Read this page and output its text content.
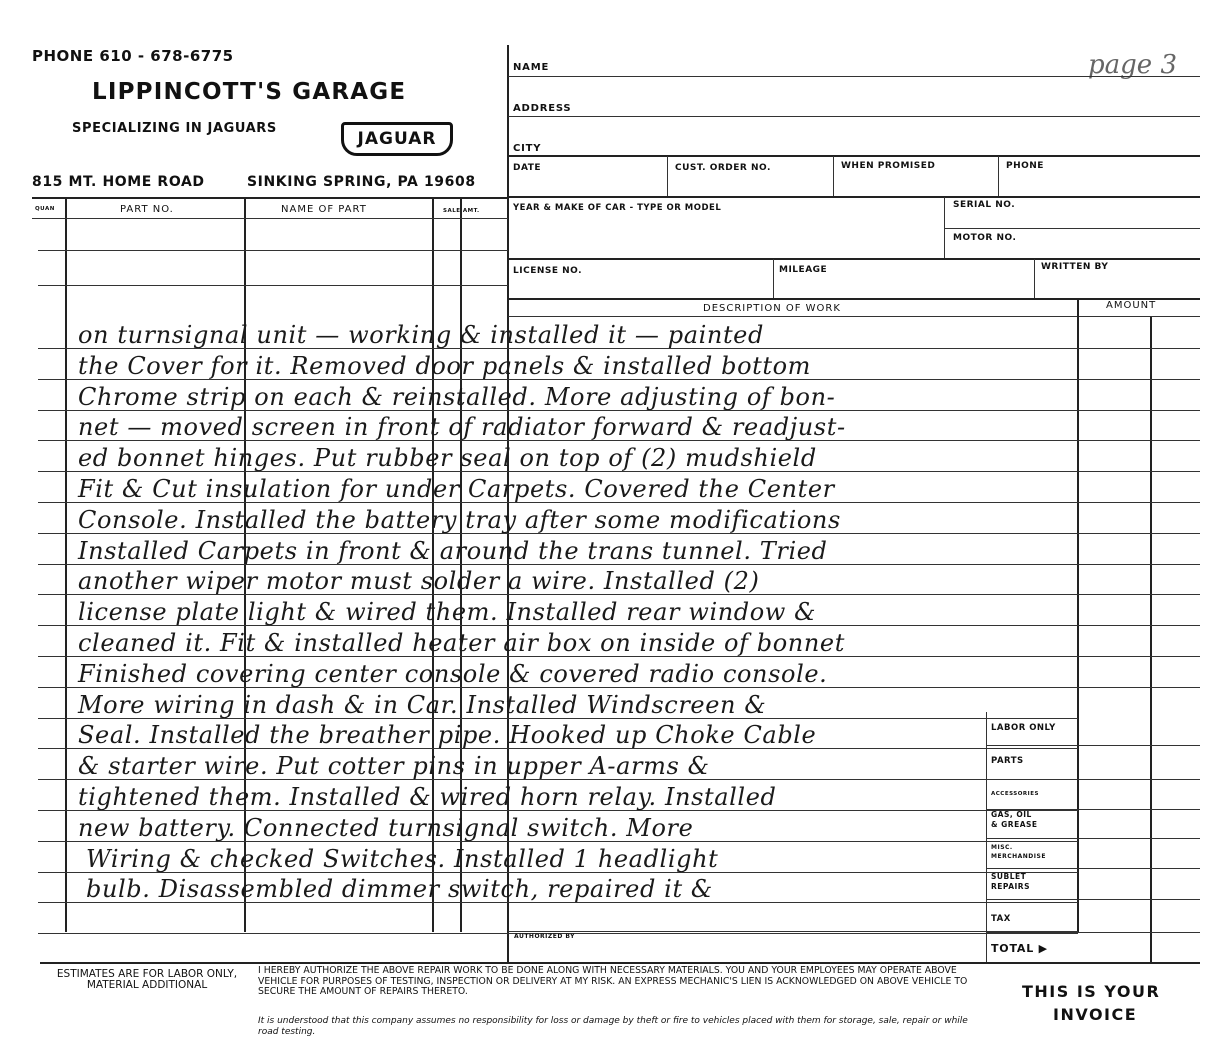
PHONE 610 - 678-6775
LIPPINCOTT'S GARAGE
SPECIALIZING IN JAGUARS
JAGUAR
815 MT. HOME ROAD	SINKING SPRING, PA 19608
page 3
NAME
ADDRESS
CITY
DATE	CUST. ORDER NO.	WHEN PROMISED	PHONE
YEAR & MAKE OF CAR - TYPE OR MODEL	SERIAL NO.
MOTOR NO.
LICENSE NO.	MILEAGE	WRITTEN BY
QUAN	PART NO.	NAME OF PART	SALE AMT.
DESCRIPTION OF WORK	AMOUNT
on turnsignal unit — working & installed it — painted
the Cover for it. Removed door panels & installed bottom
Chrome strip on each & reinstalled. More adjusting of bon-
net — moved screen in front of radiator forward & readjust-
ed bonnet hinges. Put rubber seal on top of (2) mudshield
Fit & Cut insulation for under Carpets. Covered the Center
Console. Installed the battery tray after some modifications
Installed Carpets in front & around the trans tunnel. Tried
another wiper motor must solder a wire. Installed (2)
license plate light & wired them. Installed rear window &
cleaned it. Fit & installed heater air box on inside of bonnet
Finished covering center console & covered radio console.
More wiring in dash & in Car. Installed Windscreen &
Seal. Installed the breather pipe. Hooked up Choke Cable
& starter wire. Put cotter pins in upper A-arms &
tightened them. Installed & wired horn relay. Installed
new battery. Connected turnsignal switch. More
Wiring & checked Switches. Installed 1 headlight
bulb. Disassembled dimmer switch, repaired it &
AUTHORIZED BY
LABOR ONLY
PARTS
ACCESSORIES
GAS, OIL
& GREASE
MISC.
MERCHANDISE
SUBLET
REPAIRS
TAX
TOTAL ▶
ESTIMATES ARE FOR LABOR ONLY, MATERIAL ADDITIONAL
I HEREBY AUTHORIZE THE ABOVE REPAIR WORK TO BE DONE ALONG WITH NECESSARY MATERIALS. YOU AND YOUR EMPLOYEES MAY OPERATE ABOVE VEHICLE FOR PURPOSES OF TESTING, INSPECTION OR DELIVERY AT MY RISK. AN EXPRESS MECHANIC'S LIEN IS ACKNOWLEDGED ON ABOVE VEHICLE TO SECURE THE AMOUNT OF REPAIRS THERETO.
It is understood that this company assumes no responsibility for loss or damage by theft or fire to vehicles placed with them for storage, sale, repair or while road testing.
THIS IS YOUR
INVOICE
